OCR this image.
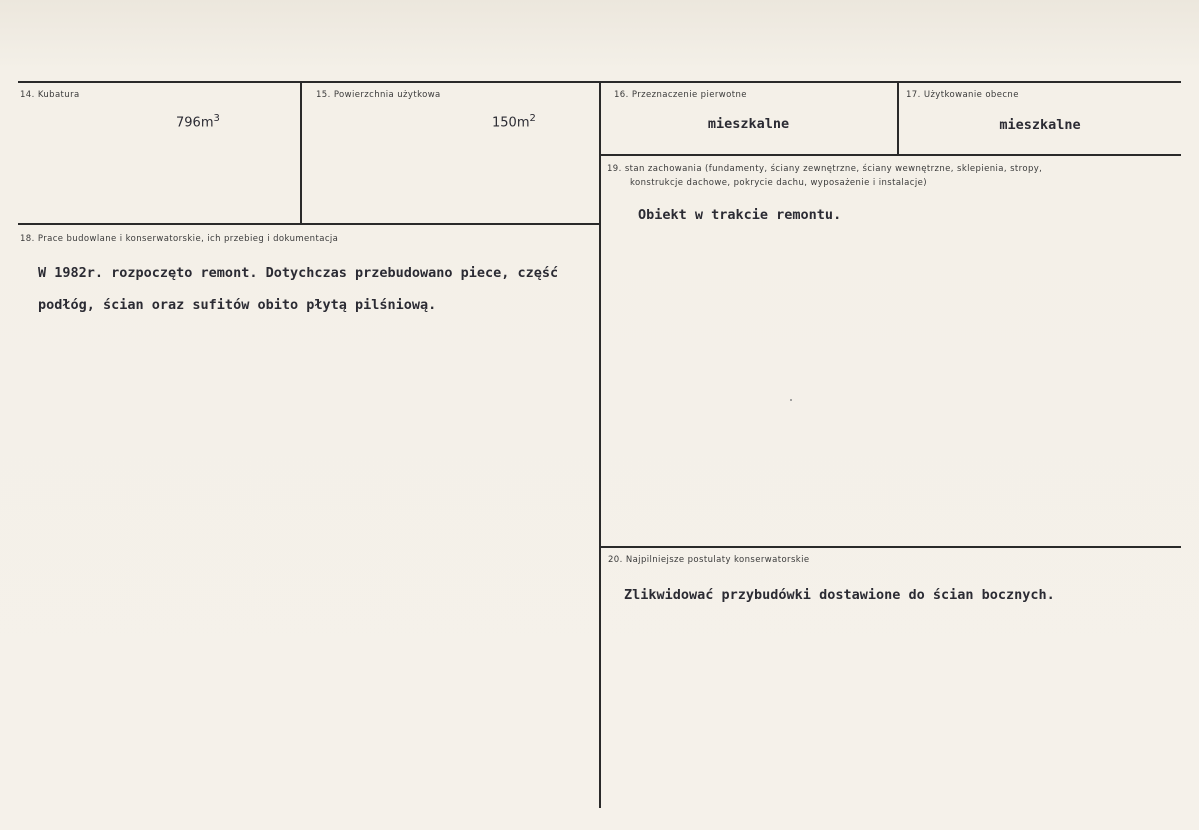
14. Kubatura
$796m^3$
15. Powierzchnia użytkowa
$150m^2$
16. Przeznaczenie pierwotne
mieszkalne
17. Użytkowanie obecne
mieszkalne
18. Prace budowlane i konserwatorskie, ich przebieg i dokumentacja
W 1982r. rozpoczęto remont. Dotychczas przebudowano piece, część
podłóg, ścian oraz sufitów obito płytą pilśniową.
19. stan zachowania (fundamenty, ściany zewnętrzne, ściany wewnętrzne, sklepienia, stropy,
konstrukcje dachowe, pokrycie dachu, wyposażenie i instalacje)
Obiekt w trakcie remontu.
20. Najpilniejsze postulaty konserwatorskie
Zlikwidować przybudówki dostawione do ścian bocznych.
